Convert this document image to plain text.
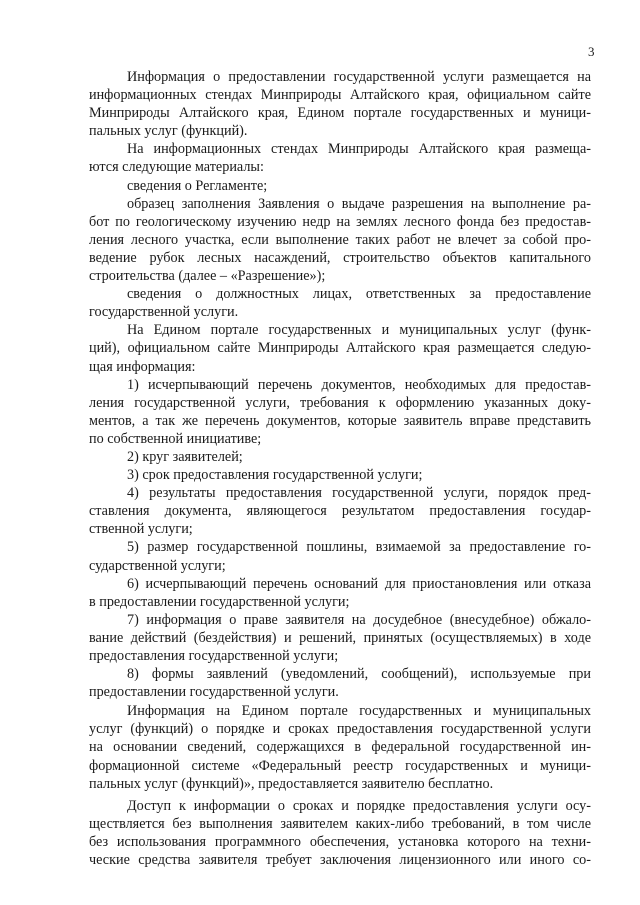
3

Информация о предоставлении государственной услуги размещается на
информационных стендах Минприроды Алтайского края, официальном сайте
Минприроды Алтайского края, Едином портале государственных и муници-
пальных услуг (функций).

На информационных стендах Минприроды Алтайского края размеща-
ются следующие материалы:

сведения о Регламенте;

образец заполнения Заявления о выдаче разрешения на выполнение ра-
бот по геологическому изучению недр на землях лесного фонда без предостав-
ления лесного участка, если выполнение таких работ не влечет за собой про-
ведение рубок лесных насаждений, строительство объектов капитального
строительства (далее – «Разрешение»);

сведения о должностных лицах, ответственных за предоставление
государственной услуги.

На Едином портале государственных и муниципальных услуг (функ-
ций), официальном сайте Минприроды Алтайского края размещается следую-
щая информация:

1) исчерпывающий перечень документов, необходимых для предостав-
ления государственной услуги, требования к оформлению указанных доку-
ментов, а так же перечень документов, которые заявитель вправе представить
по собственной инициативе;

2) круг заявителей;

3) срок предоставления государственной услуги;

4) результаты предоставления государственной услуги, порядок пред-
ставления документа, являющегося результатом предоставления государ-
ственной услуги;

5) размер государственной пошлины, взимаемой за предоставление го-
сударственной услуги;

6) исчерпывающий перечень оснований для приостановления или отказа
в предоставлении государственной услуги;

7) информация о праве заявителя на досудебное (внесудебное) обжало-
вание действий (бездействия) и решений, принятых (осуществляемых) в ходе
предоставления государственной услуги;

8) формы заявлений (уведомлений, сообщений), используемые при
предоставлении государственной услуги.

Информация на Едином портале государственных и муниципальных
услуг (функций) о порядке и сроках предоставления государственной услуги
на основании сведений, содержащихся в федеральной государственной ин-
формационной системе «Федеральный реестр государственных и муници-
пальных услуг (функций)», предоставляется заявителю бесплатно.

Доступ к информации о сроках и порядке предоставления услуги осу-
ществляется без выполнения заявителем каких-либо требований, в том числе
без использования программного обеспечения, установка которого на техни-
ческие средства заявителя требует заключения лицензионного или иного со-
